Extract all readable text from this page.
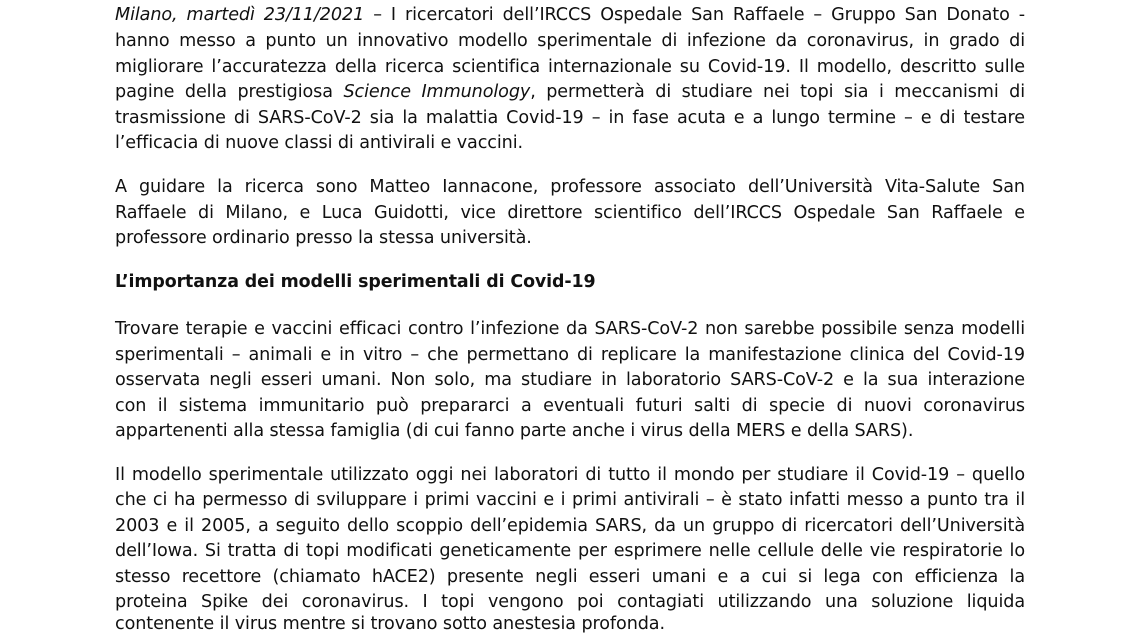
Milano, martedì 23/11/2021 – I ricercatori dell’IRCCS Ospedale San Raffaele – Gruppo San Donato -
hanno messo a punto un innovativo modello sperimentale di infezione da coronavirus, in grado di
migliorare l’accuratezza della ricerca scientifica internazionale su Covid-19. Il modello, descritto sulle
pagine della prestigiosa Science Immunology, permetterà di studiare nei topi sia i meccanismi di
trasmissione di SARS-CoV-2 sia la malattia Covid-19 – in fase acuta e a lungo termine – e di testare
l’efficacia di nuove classi di antivirali e vaccini.
A guidare la ricerca sono Matteo Iannacone, professore associato dell’Università Vita-Salute San
Raffaele di Milano, e Luca Guidotti, vice direttore scientifico dell’IRCCS Ospedale San Raffaele e
professore ordinario presso la stessa università.
L’importanza dei modelli sperimentali di Covid-19
Trovare terapie e vaccini efficaci contro l’infezione da SARS-CoV-2 non sarebbe possibile senza modelli
sperimentali – animali e in vitro – che permettano di replicare la manifestazione clinica del Covid-19
osservata negli esseri umani. Non solo, ma studiare in laboratorio SARS-CoV-2 e la sua interazione
con il sistema immunitario può prepararci a eventuali futuri salti di specie di nuovi coronavirus
appartenenti alla stessa famiglia (di cui fanno parte anche i virus della MERS e della SARS).
Il modello sperimentale utilizzato oggi nei laboratori di tutto il mondo per studiare il Covid-19 – quello
che ci ha permesso di sviluppare i primi vaccini e i primi antivirali – è stato infatti messo a punto tra il
2003 e il 2005, a seguito dello scoppio dell’epidemia SARS, da un gruppo di ricercatori dell’Università
dell’Iowa. Si tratta di topi modificati geneticamente per esprimere nelle cellule delle vie respiratorie lo
stesso recettore (chiamato hACE2) presente negli esseri umani e a cui si lega con efficienza la
proteina Spike dei coronavirus. I topi vengono poi contagiati utilizzando una soluzione liquida
contenente il virus mentre si trovano sotto anestesia profonda.
